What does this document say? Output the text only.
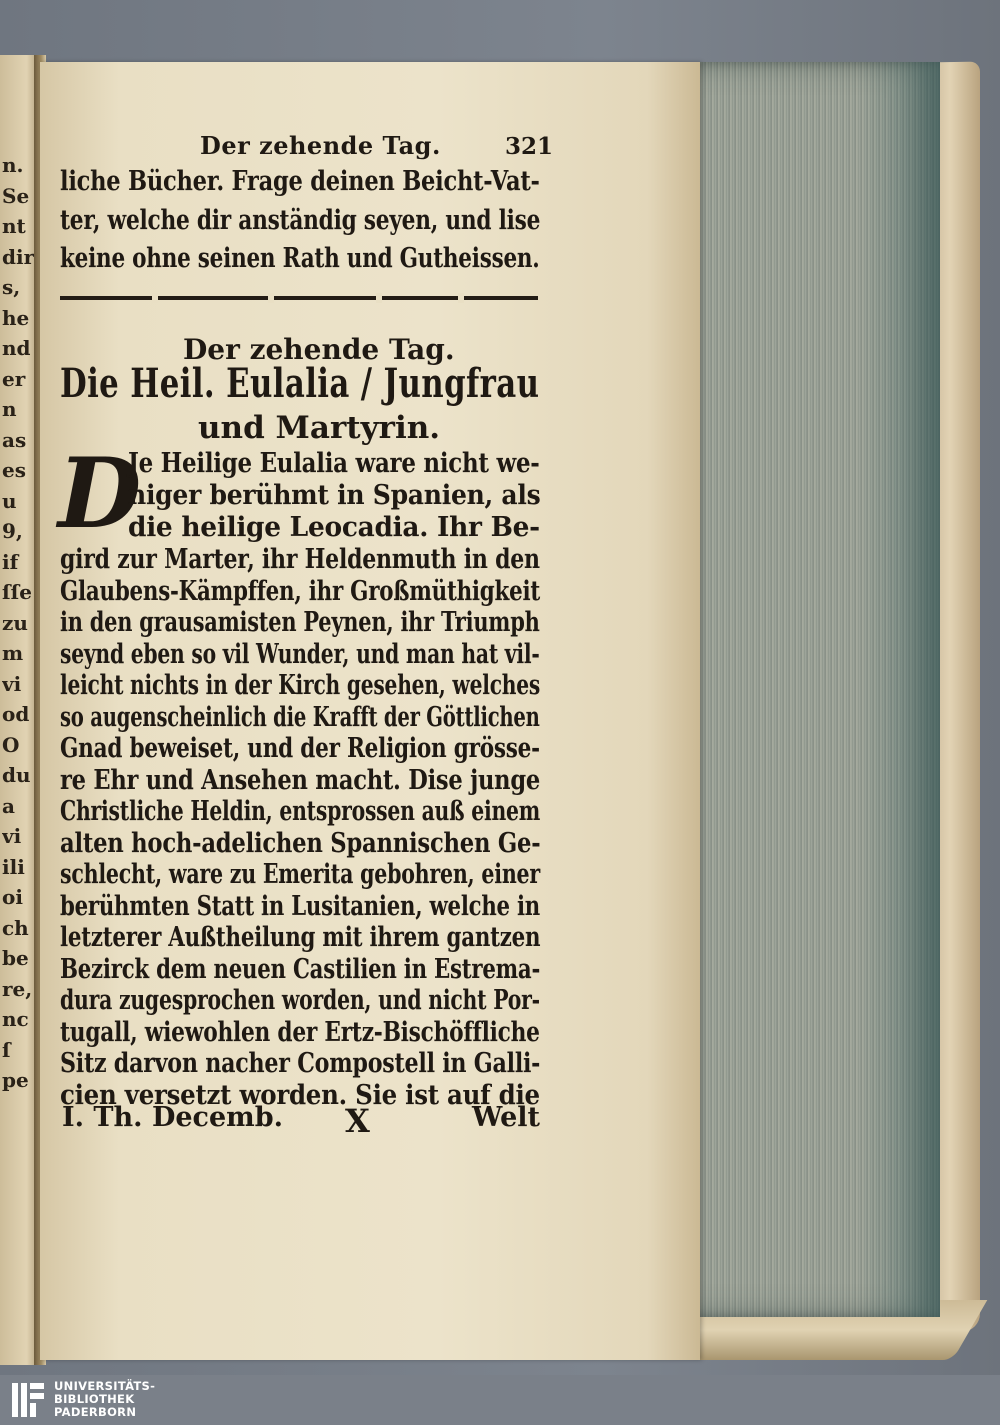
n.
Se
nt
dir
s,
he
nd
er
n
as
es
u
9,
if
ſſe
zu
m
vi
od
O
du
a
vi
ili
oi
ch
be
re,
nc
ſ
pe
Der zehende Tag.	321
liche Bücher. Frage deinen Beicht-Vat-
ter, welche dir anständig seyen, und lise
keine ohne seinen Rath und Gutheissen.
Der zehende Tag.
Die Heil. Eulalia / Jungfrau
und Martyrin.
D
Je Heilige Eulalia ware nicht we-
niger berühmt in Spanien, als
die heilige Leocadia. Ihr Be-
gird zur Marter, ihr Heldenmuth in den
Glaubens-Kämpffen, ihr Großmüthigkeit
in den grausamisten Peynen, ihr Triumph
seynd eben so vil Wunder, und man hat vil-
leicht nichts in der Kirch gesehen, welches
so augenscheinlich die Krafft der Göttlichen
Gnad beweiset, und der Religion grösse-
re Ehr und Ansehen macht. Dise junge
Christliche Heldin, entsprossen auß einem
alten hoch-adelichen Spannischen Ge-
schlecht, ware zu Emerita gebohren, einer
berühmten Statt in Lusitanien, welche in
letzterer Außtheilung mit ihrem gantzen
Bezirck dem neuen Castilien in Estrema-
dura zugesprochen worden, und nicht Por-
tugall, wiewohlen der Ertz-Bischöffliche
Sitz darvon nacher Compostell in Galli-
cien versetzt worden. Sie ist auf die
I. Th. Decemb. X	Welt
UNIVERSITÄTS-
BIBLIOTHEK
PADERBORN
